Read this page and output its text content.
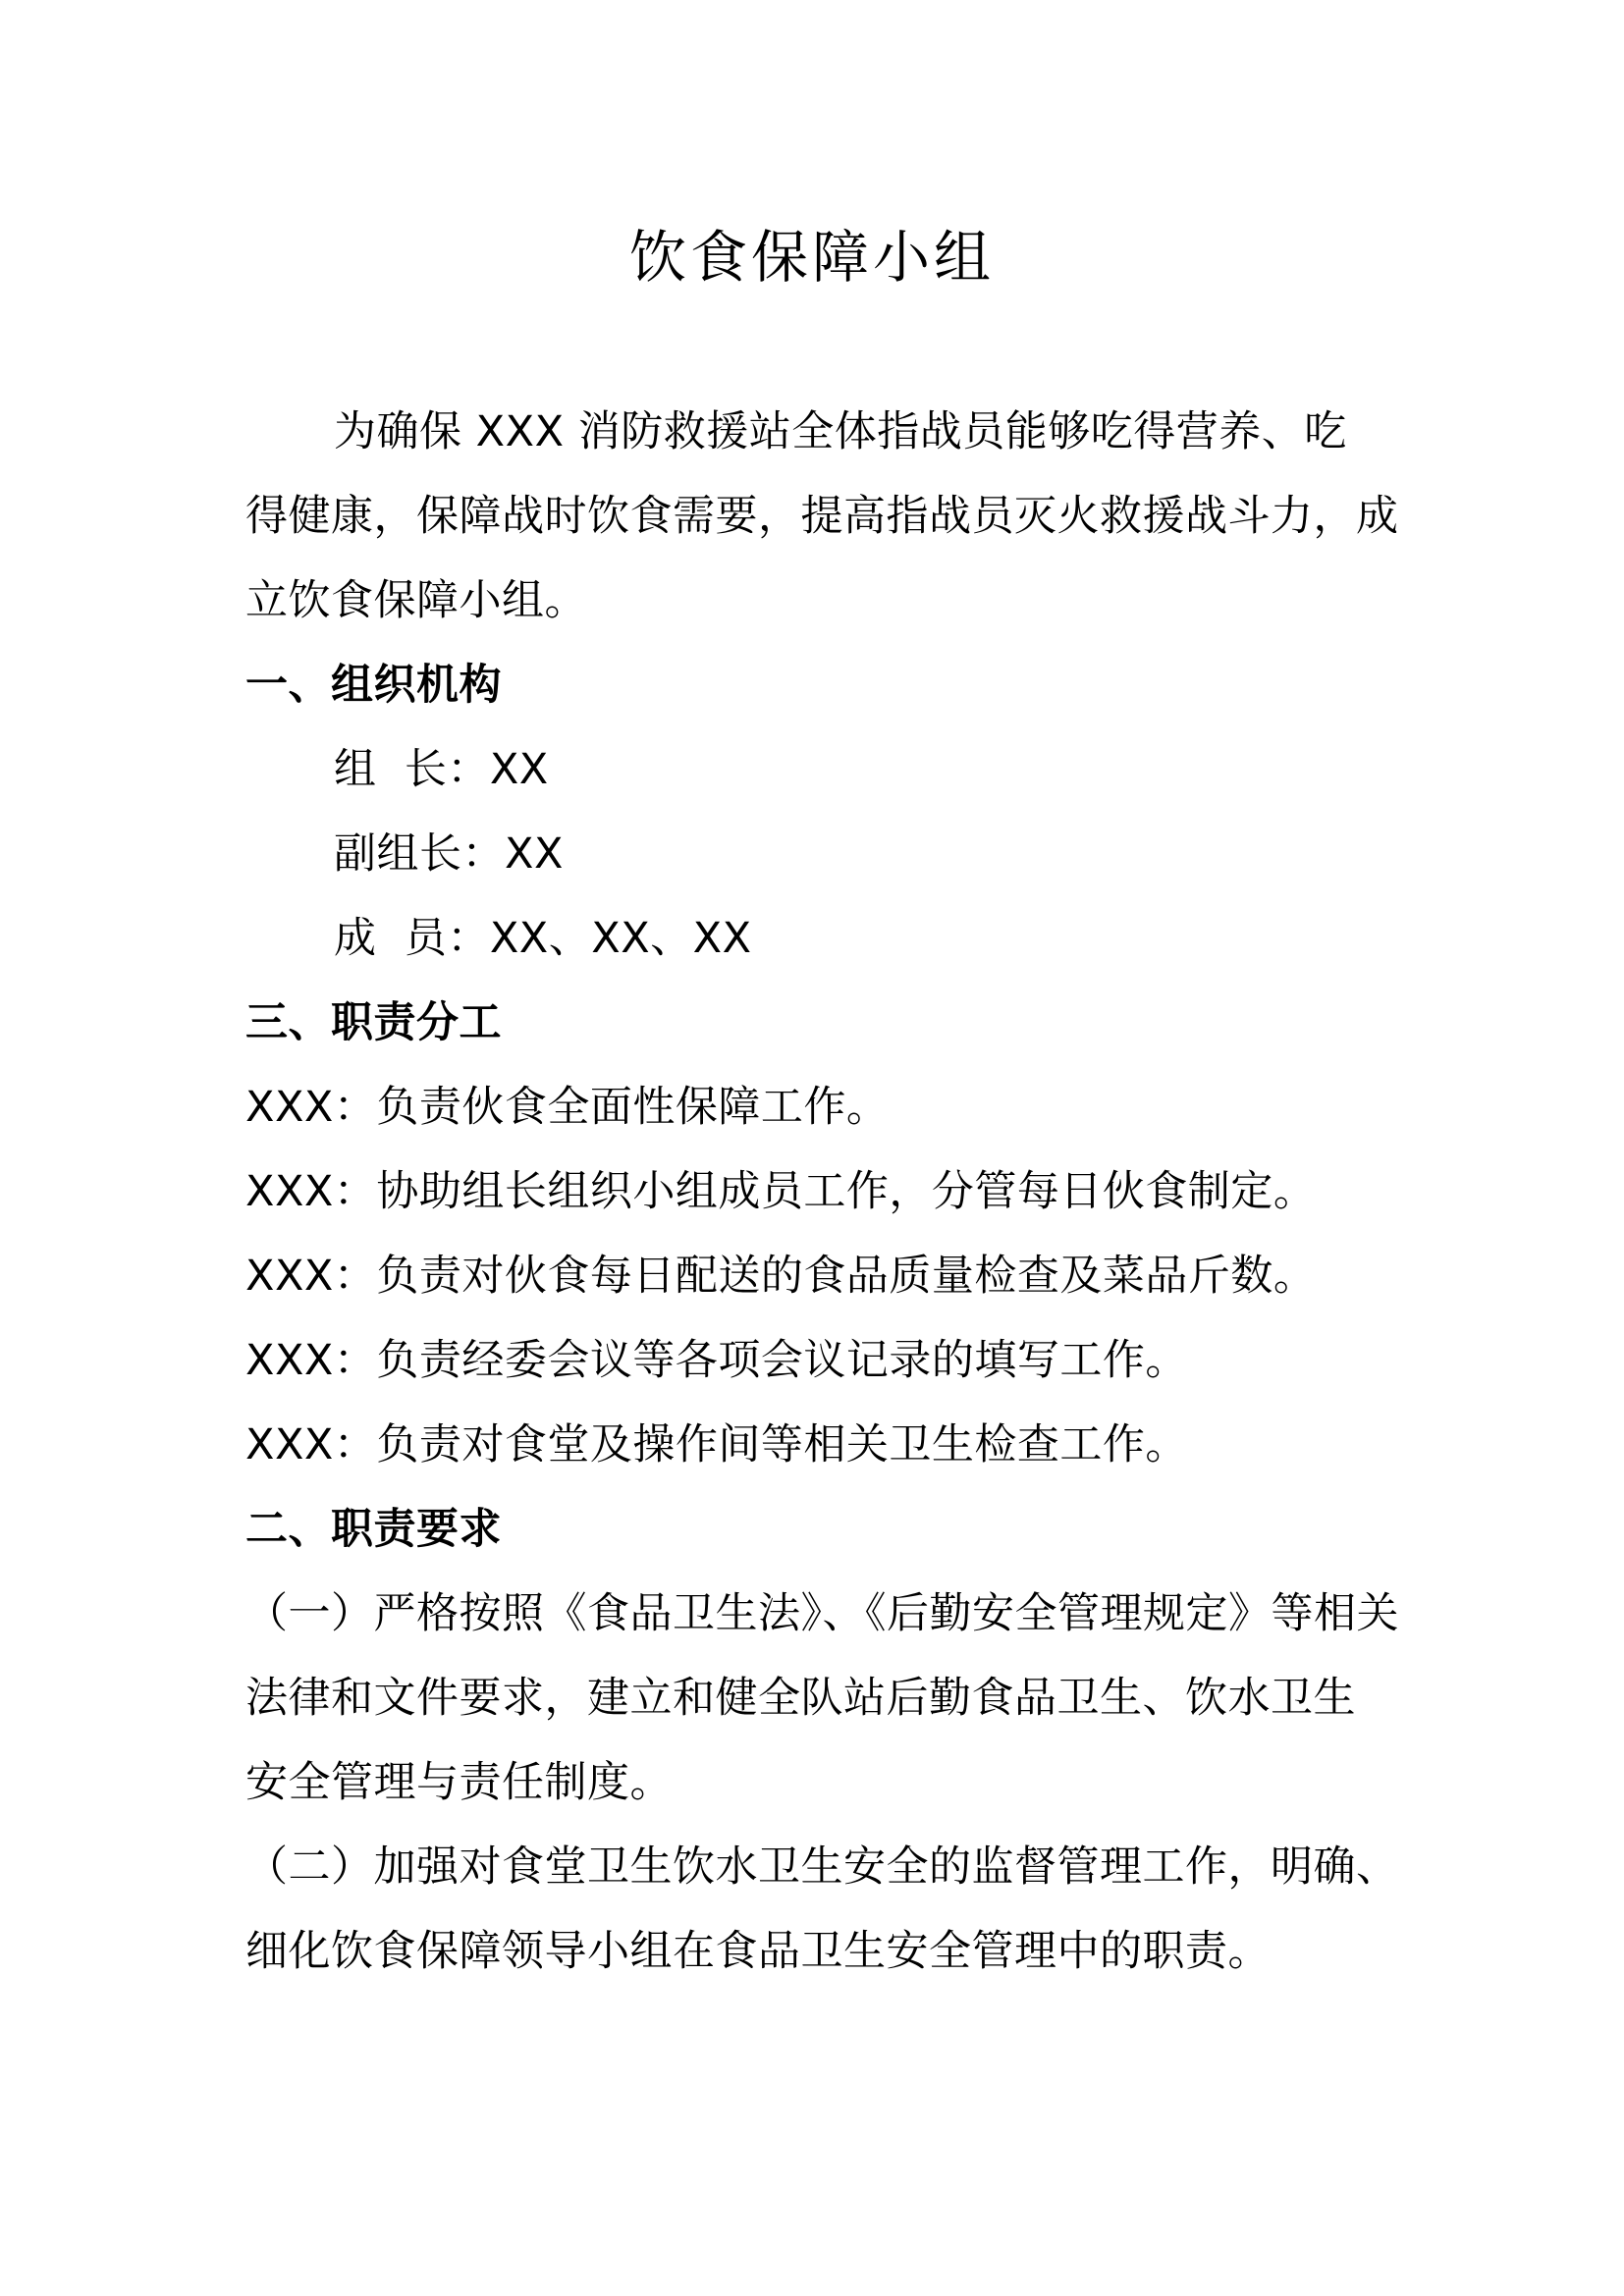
饮食保障小组
为确保 XXX 消防救援站全体指战员能够吃得营养、吃
得健康，保障战时饮食需要，提高指战员灭火救援战斗力，成
立饮食保障小组。
一、组织机构
组  长：XX
副组长：XX
成  员：XX、XX、XX
三、职责分工
XXX：负责伙食全面性保障工作。
XXX：协助组长组织小组成员工作，分管每日伙食制定。
XXX：负责对伙食每日配送的食品质量检查及菜品斤数。
XXX：负责经委会议等各项会议记录的填写工作。
XXX：负责对食堂及操作间等相关卫生检查工作。
二、职责要求
（一）严格按照《食品卫生法》、《后勤安全管理规定》等相关
法律和文件要求，建立和健全队站后勤食品卫生、饮水卫生
安全管理与责任制度。
（二）加强对食堂卫生饮水卫生安全的监督管理工作，明确、
细化饮食保障领导小组在食品卫生安全管理中的职责。
